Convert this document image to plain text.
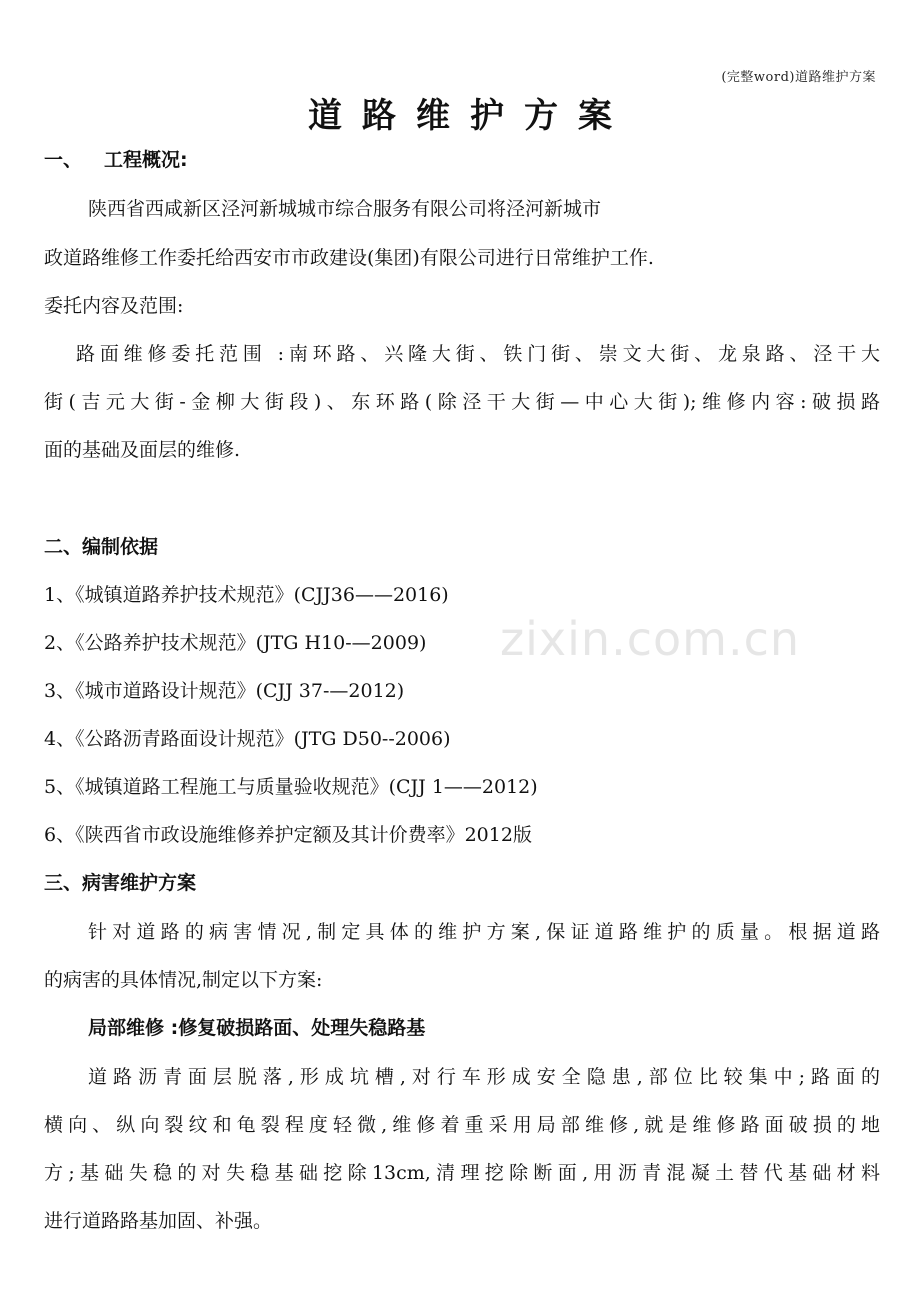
(完整word)道路维护方案
道路维护方案
一、 工程概况:
陕西省西咸新区泾河新城城市综合服务有限公司将泾河新城市
政道路维修工作委托给西安市市政建设(集团)有限公司进行日常维护工作.
委托内容及范围:
路面维修委托范围 :南环路、兴隆大街、铁门街、崇文大街、龙泉路、泾干大
街(吉元大街-金柳大街段)、东环路(除泾干大街—中心大街);维修内容:破损路
面的基础及面层的维修.
二、编制依据
1、《城镇道路养护技术规范》(CJJ36——2016)
2、《公路养护技术规范》(JTG H10-—2009)
3、《城市道路设计规范》(CJJ 37-—2012)
4、《公路沥青路面设计规范》(JTG D50--2006)
5、《城镇道路工程施工与质量验收规范》(CJJ 1——2012)
6、《陕西省市政设施维修养护定额及其计价费率》2012版
三、病害维护方案
针对道路的病害情况,制定具体的维护方案,保证道路维护的质量。根据道路
的病害的具体情况,制定以下方案:
局部维修 :修复破损路面、处理失稳路基
道路沥青面层脱落,形成坑槽,对行车形成安全隐患,部位比较集中;路面的
横向、纵向裂纹和龟裂程度轻微,维修着重采用局部维修,就是维修路面破损的地
方;基础失稳的对失稳基础挖除13cm,清理挖除断面,用沥青混凝土替代基础材料
进行道路路基加固、补强。
zixin.com.cn
